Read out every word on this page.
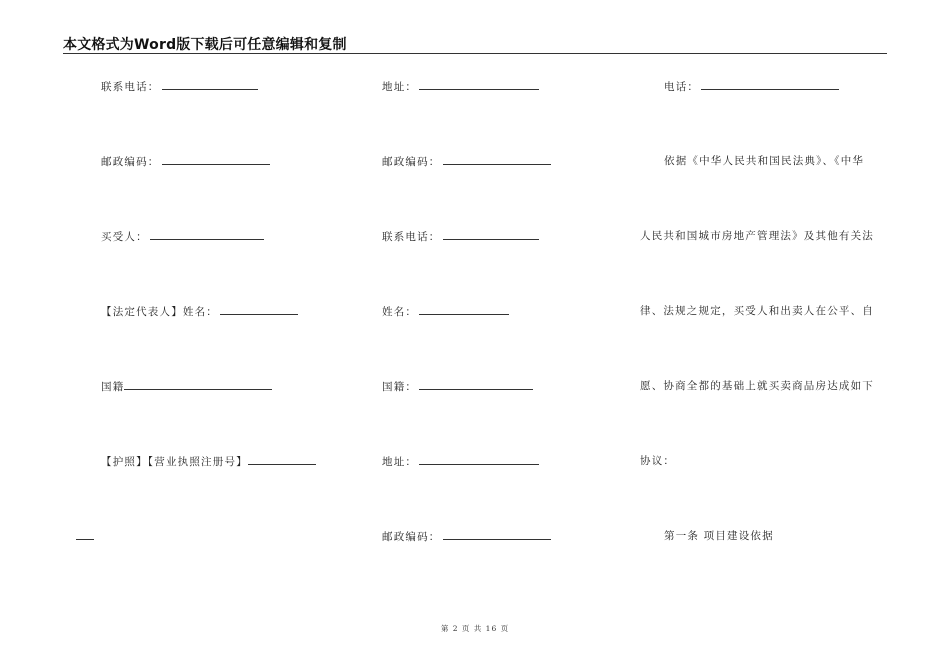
本文格式为Word版下载后可任意编辑和复制
联系电话：
邮政编码：
买受人：
【法定代表人】姓名：
国籍
【护照】【营业执照注册号】
地址：
邮政编码：
联系电话：
姓名：
国籍：
地址：
邮政编码：
电话：
依据《中华人民共和国民法典》、《中华
人民共和国城市房地产管理法》及其他有关法
律、法规之规定，买受人和出卖人在公平、自
愿、协商全都的基础上就买卖商品房达成如下
协议：
第一条 项目建设依据
第 2 页 共 16 页
